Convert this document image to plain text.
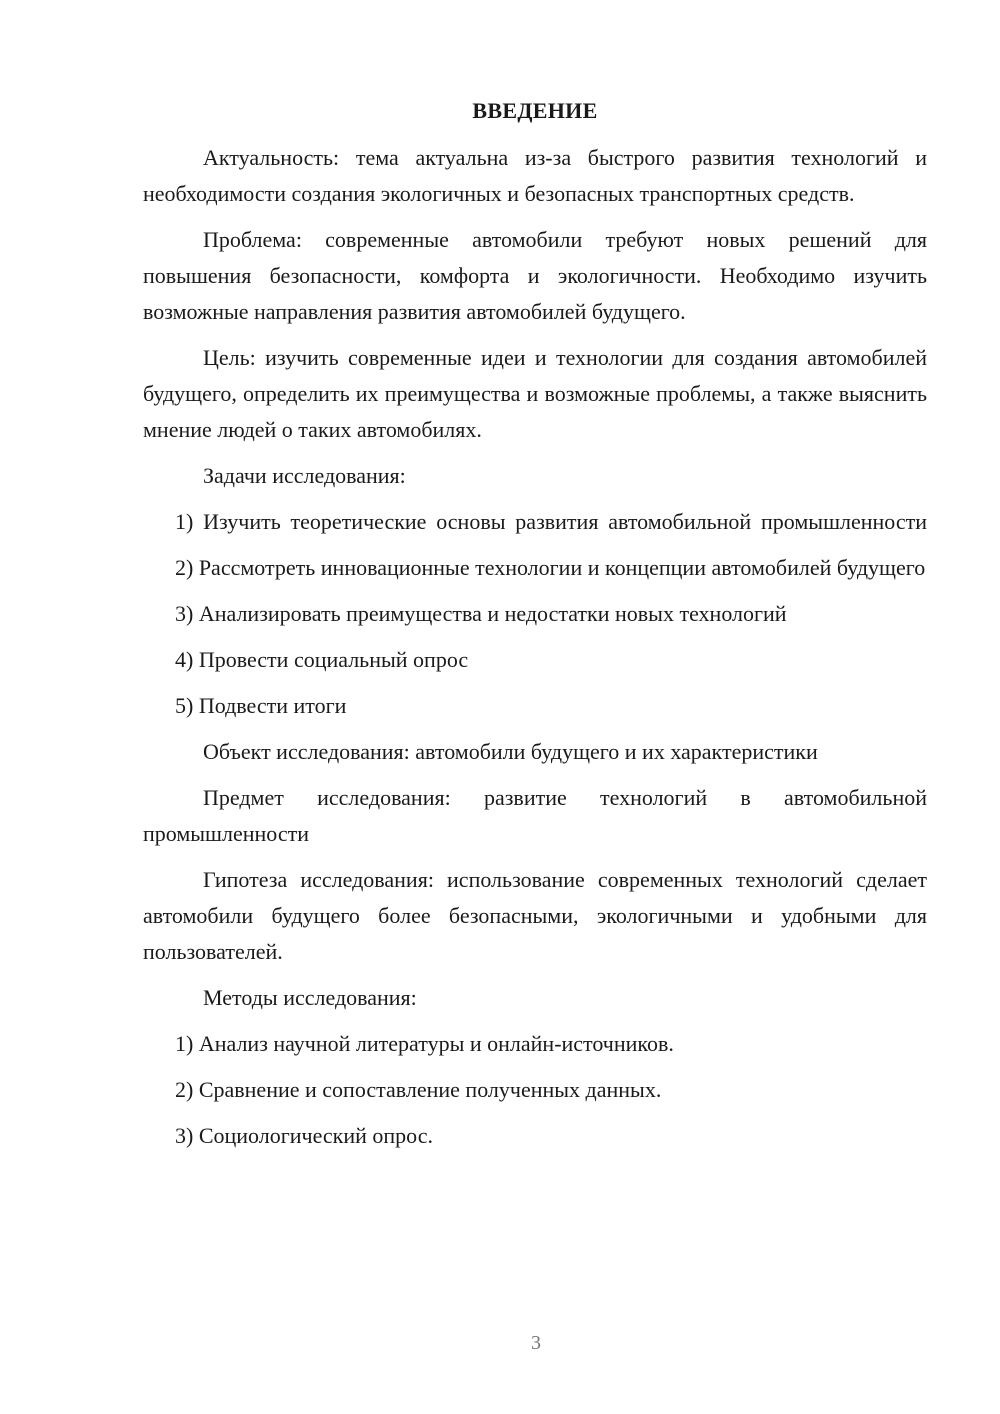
ВВЕДЕНИЕ

Актуальность: тема актуальна из-за быстрого развития технологий и необходимости создания экологичных и безопасных транспортных средств.

Проблема: современные автомобили требуют новых решений для повышения безопасности, комфорта и экологичности. Необходимо изучить возможные направления развития автомобилей будущего.

Цель: изучить современные идеи и технологии для создания автомобилей будущего, определить их преимущества и возможные проблемы, а также выяснить мнение людей о таких автомобилях.

Задачи исследования:

1) Изучить теоретические основы развития автомобильной промышленности

2) Рассмотреть инновационные технологии и концепции автомобилей будущего

3) Анализировать преимущества и недостатки новых технологий

4) Провести социальный опрос

5) Подвести итоги

Объект исследования: автомобили будущего и их характеристики

Предмет исследования: развитие технологий в автомобильной промышленности

Гипотеза исследования: использование современных технологий сделает автомобили будущего более безопасными, экологичными и удобными для пользователей.

Методы исследования:

1) Анализ научной литературы и онлайн-источников.

2) Сравнение и сопоставление полученных данных.

3) Социологический опрос.

3
